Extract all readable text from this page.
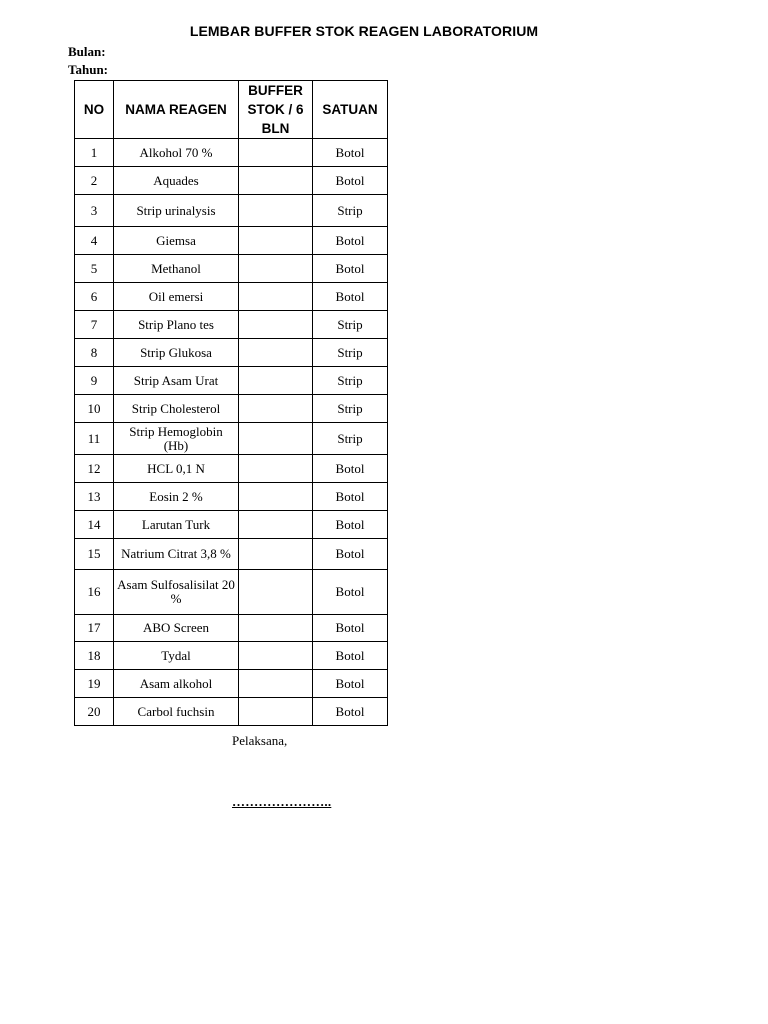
LEMBAR BUFFER STOK REAGEN LABORATORIUM
Bulan:
Tahun:
NO	NAMA REAGEN	BUFFER STOK / 6 BLN	SATUAN
1	Alkohol 70 %		Botol
2	Aquades		Botol
3	Strip urinalysis		Strip
4	Giemsa		Botol
5	Methanol		Botol
6	Oil emersi		Botol
7	Strip Plano tes		Strip
8	Strip Glukosa		Strip
9	Strip Asam Urat		Strip
10	Strip Cholesterol		Strip
11	Strip Hemoglobin (Hb)		Strip
12	HCL 0,1 N		Botol
13	Eosin 2 %		Botol
14	Larutan Turk		Botol
15	Natrium Citrat 3,8 %		Botol
16	Asam Sulfosalisilat 20 %		Botol
17	ABO Screen		Botol
18	Tydal		Botol
19	Asam alkohol		Botol
20	Carbol fuchsin		Botol
Pelaksana,
…………………..
